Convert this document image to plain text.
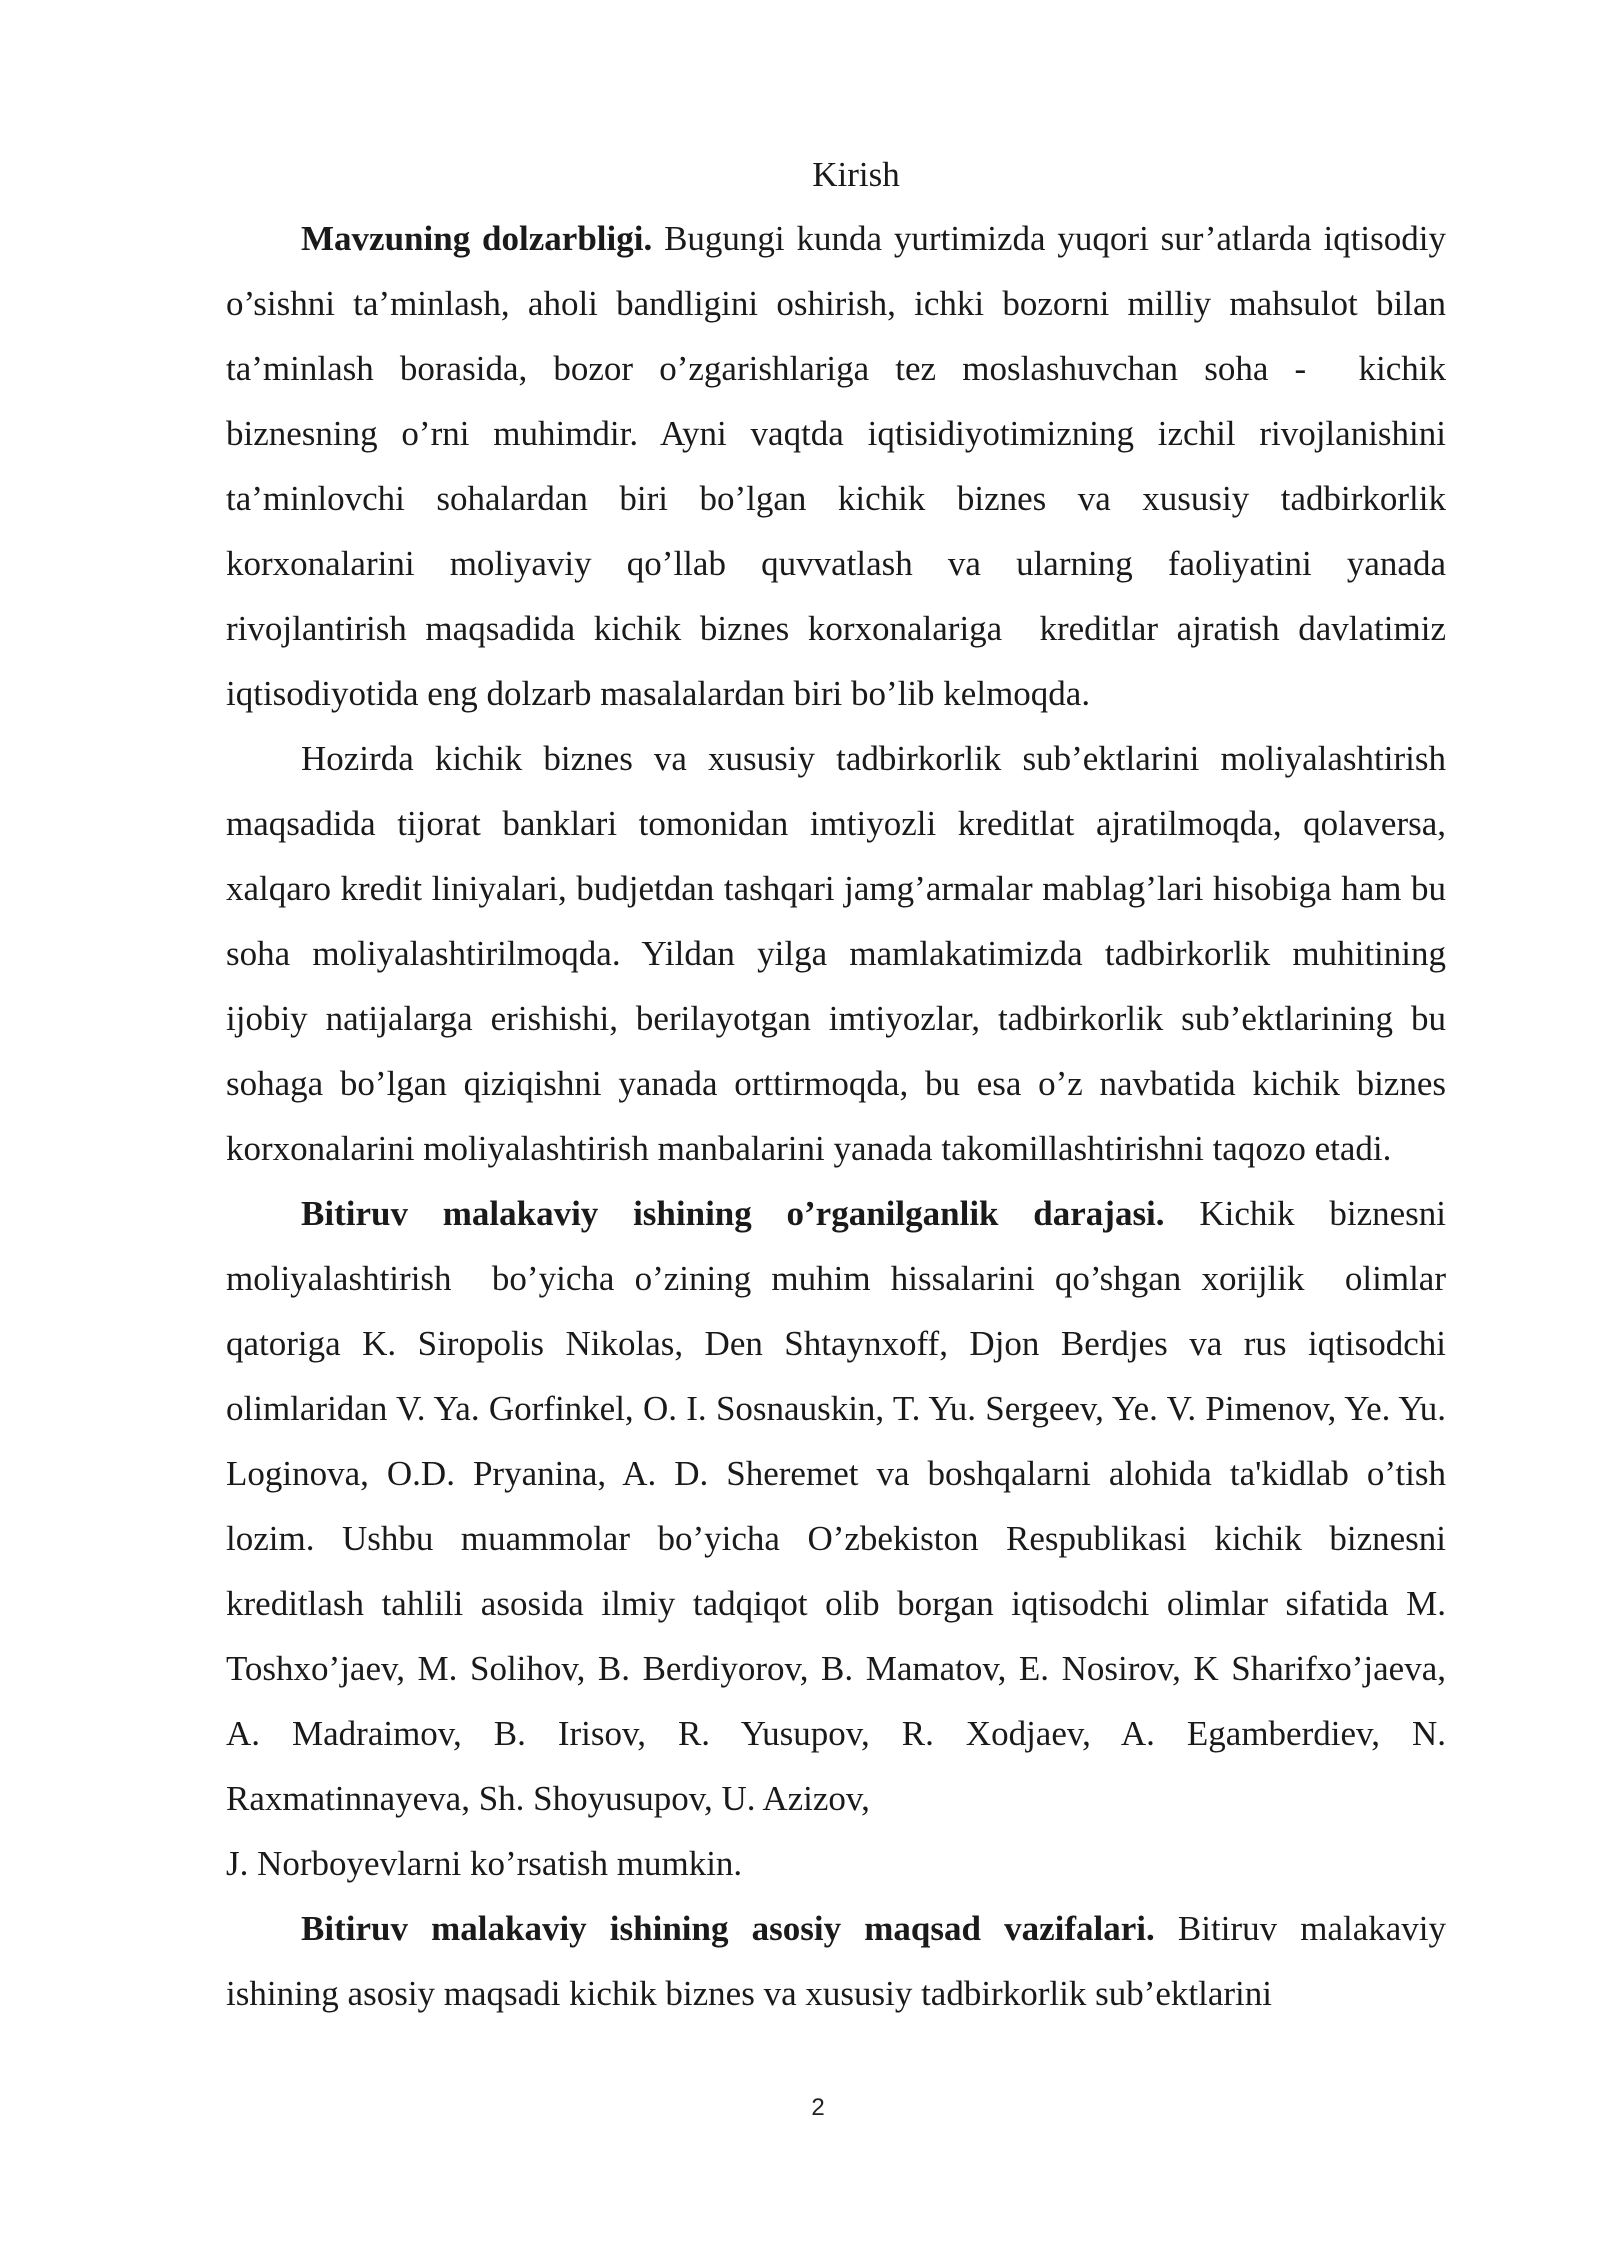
Kirish

Mavzuning dolzarbligi. Bugungi kunda yurtimizda yuqori sur’atlarda iqtisodiy o’sishni ta’minlash, aholi bandligini oshirish, ichki bozorni milliy mahsulot bilan ta’minlash borasida, bozor o’zgarishlariga tez moslashuvchan soha -  kichik biznesning o’rni muhimdir. Ayni vaqtda iqtisidiyotimizning izchil rivojlanishini ta’minlovchi sohalardan biri bo’lgan kichik biznes va xususiy tadbirkorlik korxonalarini moliyaviy qo’llab quvvatlash va ularning faoliyatini yanada rivojlantirish maqsadida kichik biznes korxonalariga  kreditlar ajratish davlatimiz iqtisodiyotida eng dolzarb masalalardan biri bo’lib kelmoqda.

Hozirda kichik biznes va xususiy tadbirkorlik sub’ektlarini moliyalashtirish maqsadida tijorat banklari tomonidan imtiyozli kreditlat ajratilmoqda, qolaversa, xalqaro kredit liniyalari, budjetdan tashqari jamg’armalar mablag’lari hisobiga ham bu soha moliyalashtirilmoqda. Yildan yilga mamlakatimizda tadbirkorlik muhitining ijobiy natijalarga erishishi, berilayotgan imtiyozlar, tadbirkorlik sub’ektlarining bu sohaga bo’lgan qiziqishni yanada orttirmoqda, bu esa o’z navbatida kichik biznes korxonalarini moliyalashtirish manbalarini yanada takomillashtirishni taqozo etadi.

Bitiruv malakaviy ishining o’rganilganlik darajasi. Kichik biznesni moliyalashtirish  bo’yicha o’zining muhim hissalarini qo’shgan xorijlik  olimlar qatoriga K. Siropolis Nikolas, Den Shtaynxoff, Djon Berdjes va rus iqtisodchi olimlaridan V. Ya. Gorfinkel, O. I. Sosnauskin, T. Yu. Sergeev, Ye. V. Pimenov, Ye. Yu. Loginova, O.D. Pryanina, A. D. Sheremet va boshqalarni alohida ta'kidlab o’tish lozim. Ushbu muammolar bo’yicha O’zbekiston Respublikasi kichik biznesni kreditlash tahlili asosida ilmiy tadqiqot olib borgan iqtisodchi olimlar sifatida M. Toshxo’jaev, M. Solihov, B. Berdiyorov, B. Mamatov, E. Nosirov, K Sharifxo’jaeva, A. Madraimov, B. Irisov, R. Yusupov, R. Xodjaev, A. Egamberdiev, N. Raxmatinnayeva, Sh. Shoyusupov, U. Azizov,
J. Norboyevlarni ko’rsatish mumkin.

Bitiruv malakaviy ishining asosiy maqsad vazifalari. Bitiruv malakaviy ishining asosiy maqsadi kichik biznes va xususiy tadbirkorlik sub’ektlarini

2
